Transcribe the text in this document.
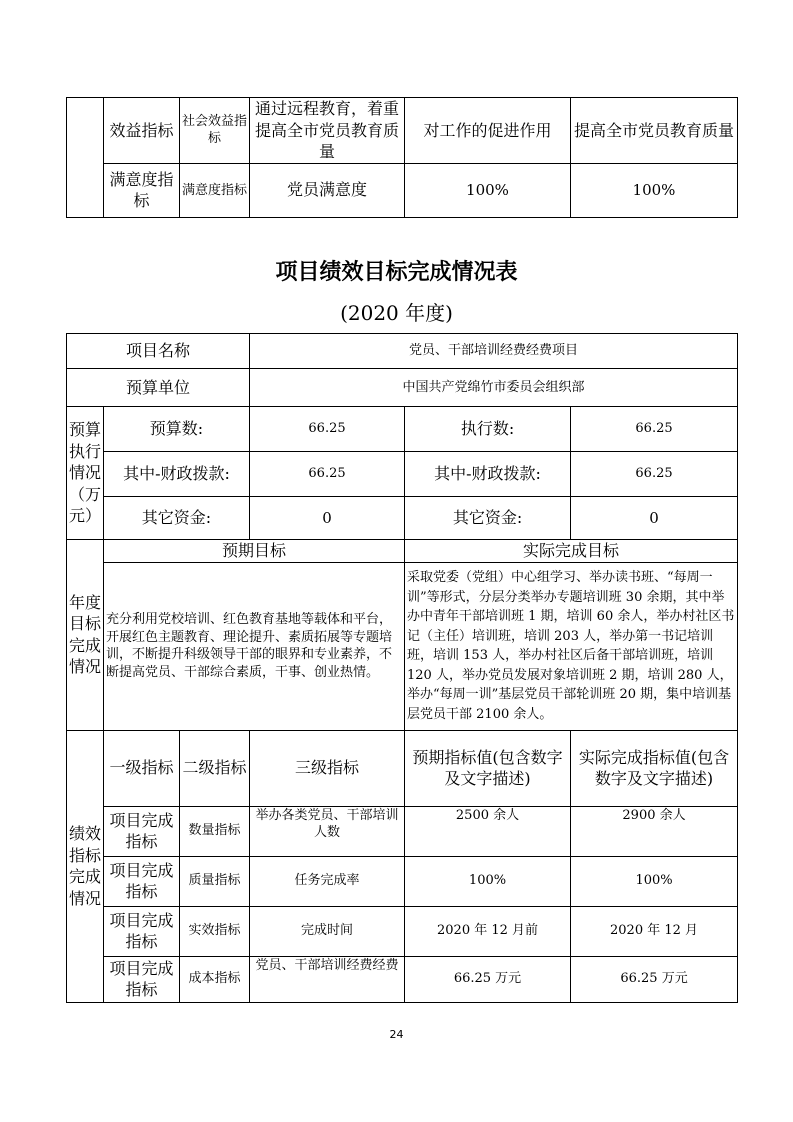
	效益指标	社会效益指标	通过远程教育，着重提高全市党员教育质量	对工作的促进作用	提高全市党员教育质量
	满意度指标	满意度指标	党员满意度	100%	100%
项目绩效目标完成情况表
(2020 年度)
项目名称			党员、干部培训经费经费项目		
预算单位			中国共产党绵竹市委员会组织部		
预算执行情况（万元）	预算数:		66.25	执行数:	66.25
	其中-财政拨款:		66.25	其中-财政拨款:	66.25
	其它资金:		0	其它资金:	0
年度目标完成情况	预期目标			实际完成目标	
	充分利用党校培训、红色教育基地等载体和平台，开展红色主题教育、理论提升、素质拓展等专题培训，不断提升科级领导干部的眼界和专业素养，不断提高党员、干部综合素质，干事、创业热情。			采取党委（党组）中心组学习、举办读书班、“每周一训”等形式，分层分类举办专题培训班 30 余期，其中举办中青年干部培训班 1 期，培训 60 余人，举办村社区书记（主任）培训班，培训 203 人，举办第一书记培训班，培训 153 人，举办村社区后备干部培训班，培训 120 人，举办党员发展对象培训班 2 期，培训 280 人，举办“每周一训”基层党员干部轮训班 20 期，集中培训基层党员干部 2100 余人。	
绩效指标完成情况	一级指标	二级指标	三级指标	预期指标值(包含数字及文字描述)	实际完成指标值(包含数字及文字描述)
	项目完成指标	数量指标	举办各类党员、干部培训人数	2500 余人	2900 余人
	项目完成指标	质量指标	任务完成率	100%	100%
	项目完成指标	实效指标	完成时间	2020 年 12 月前	2020 年 12 月
	项目完成指标	成本指标	党员、干部培训经费经费	66.25 万元	66.25 万元
24
